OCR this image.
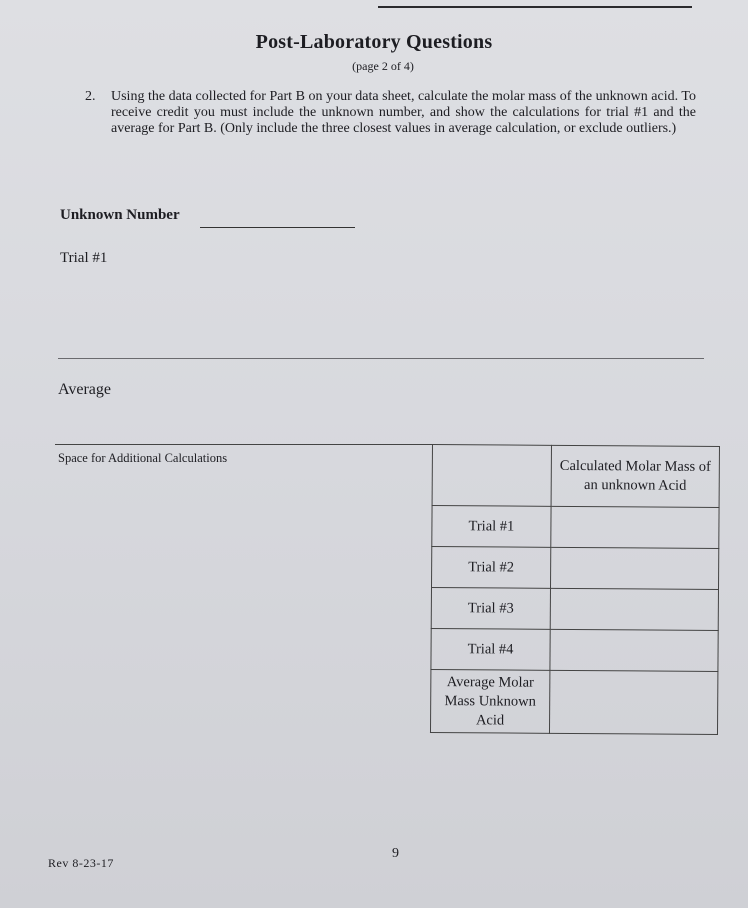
Post-Laboratory Questions
(page 2 of 4)
2. Using the data collected for Part B on your data sheet, calculate the molar mass of the unknown acid. To receive credit you must include the unknown number, and show the calculations for trial #1 and the average for Part B. (Only include the three closest values in average calculation, or exclude outliers.)
Unknown Number
Trial #1
Average
Space for Additional Calculations
		Calculated Molar Mass of an unknown Acid
Trial #1	
Trial #2	
Trial #3	
Trial #4	
Average Molar Mass Unknown Acid	
9
Rev 8-23-17
